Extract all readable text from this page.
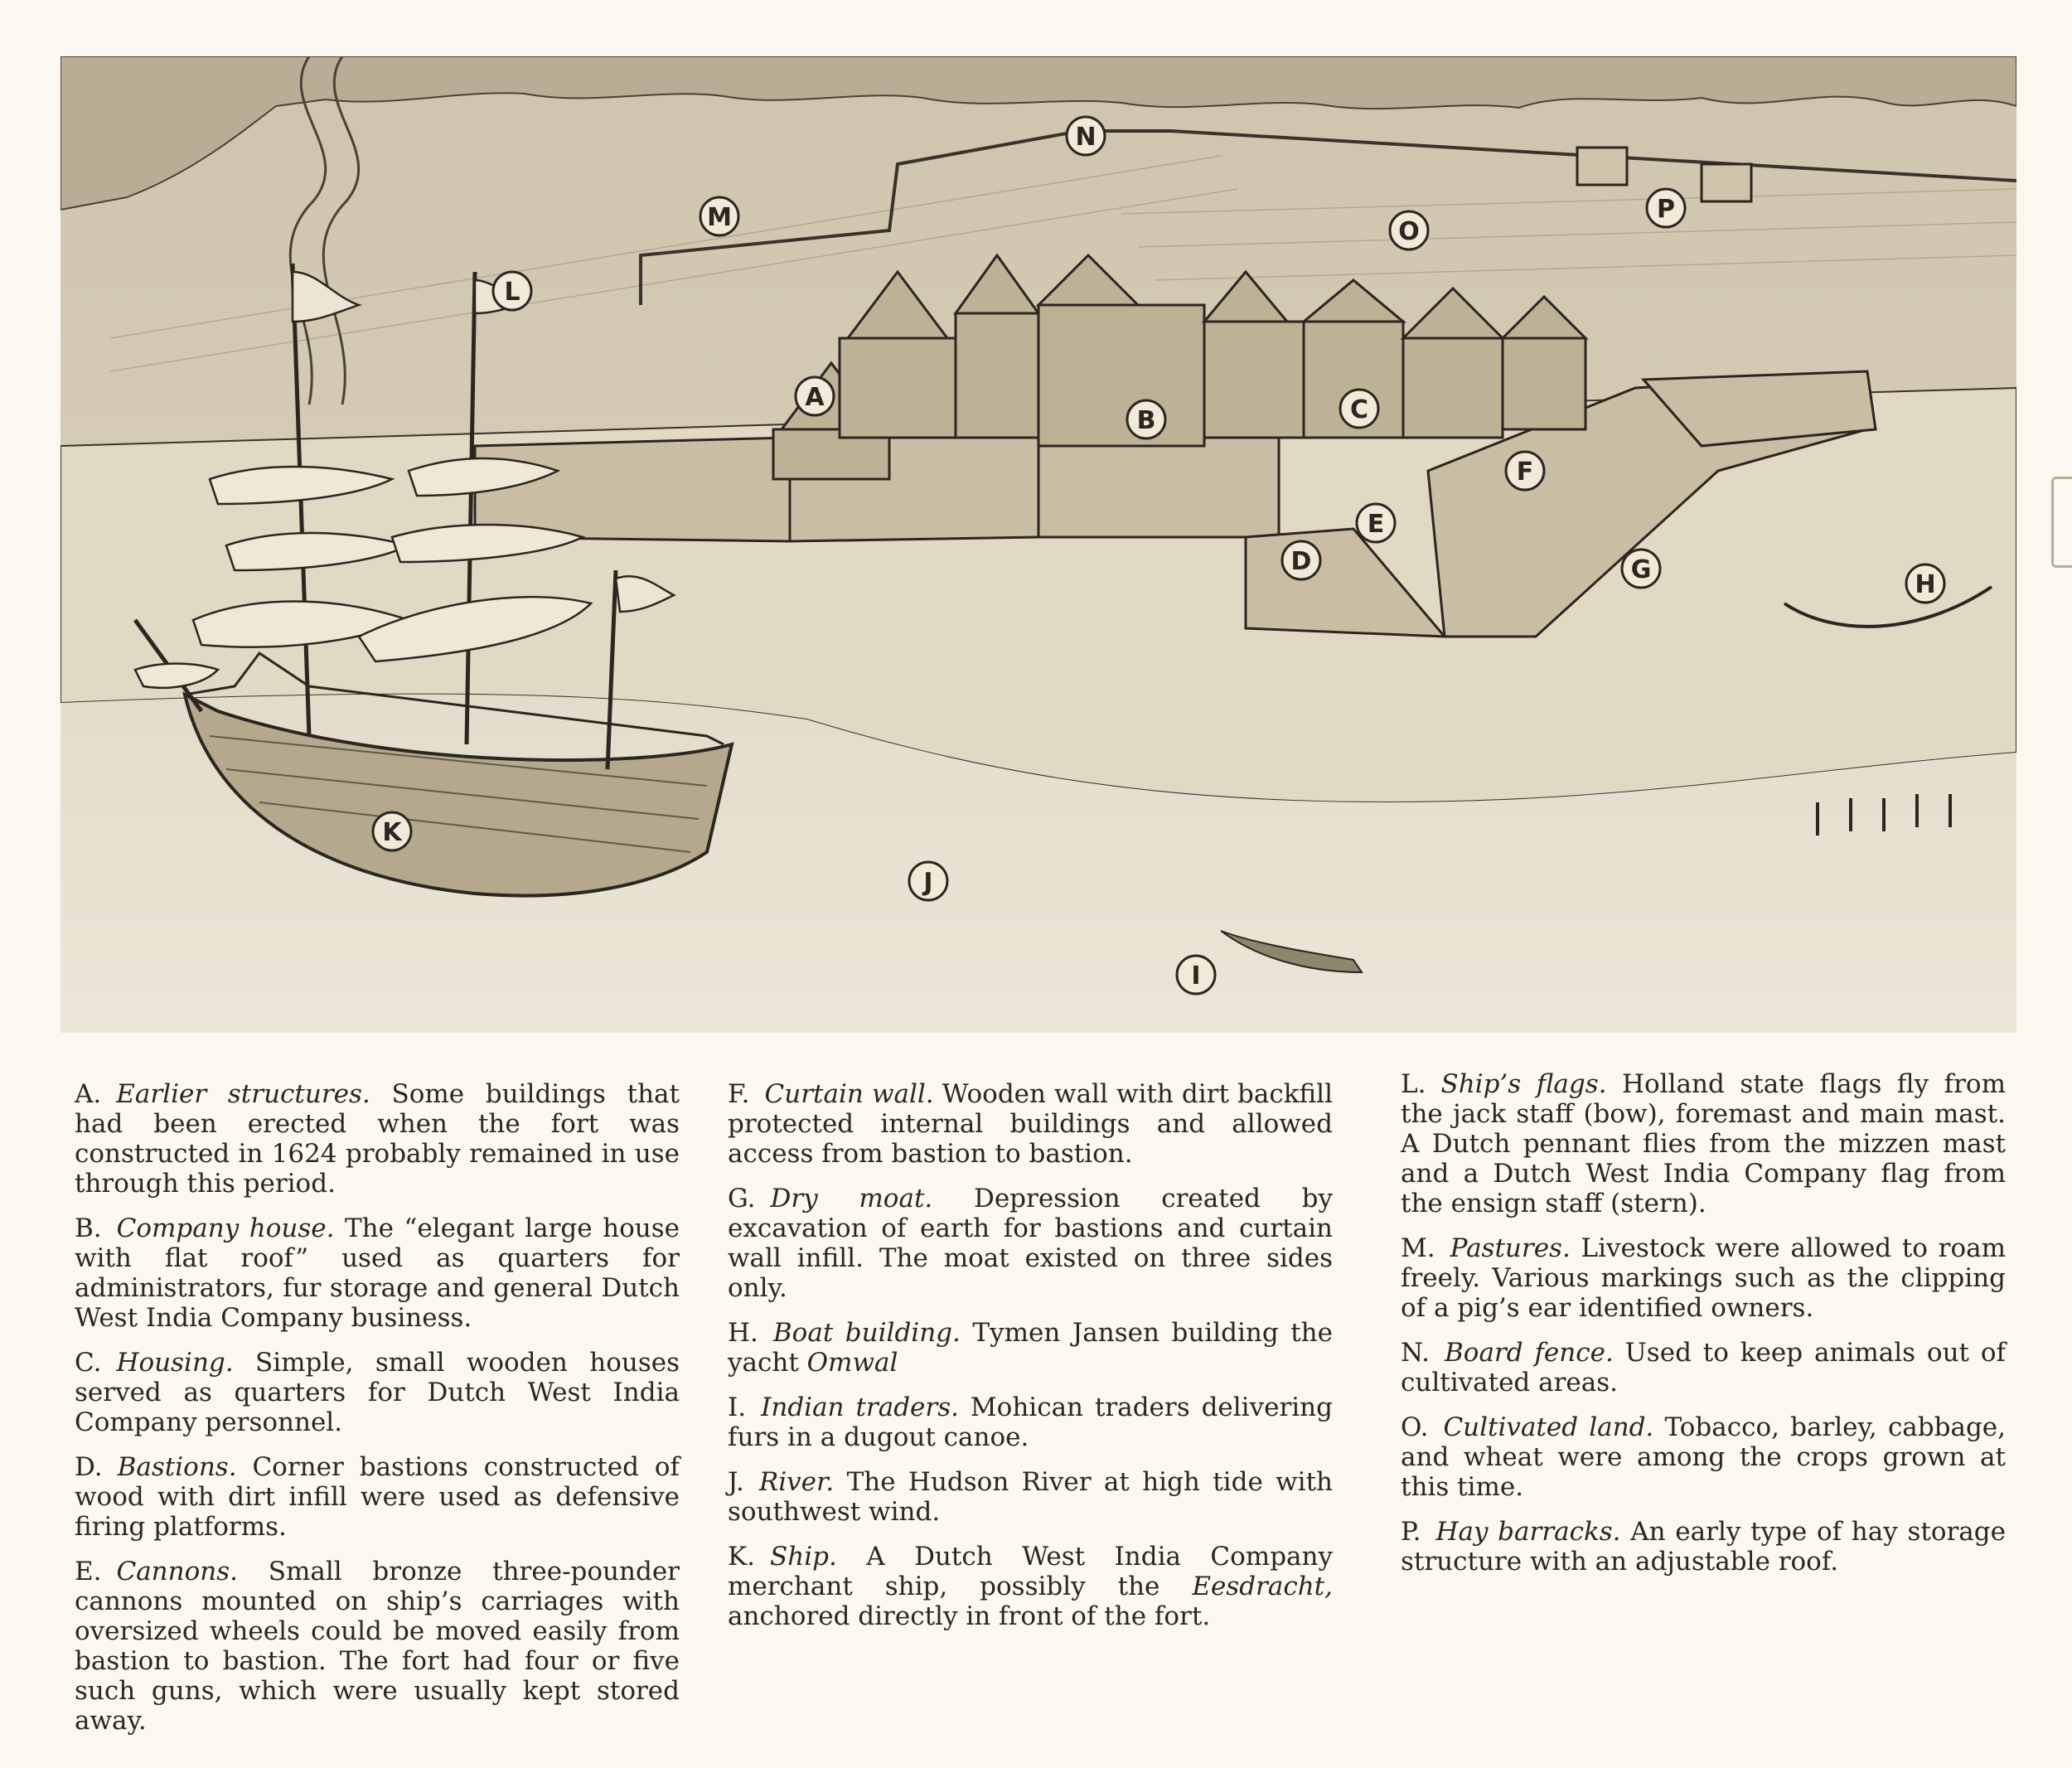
A
B	C
D
E
F
G
H
I
J
K
L
M
N
O
P

A. Earlier structures. Some buildings that had been erected when the fort was constructed in 1624 probably remained in use through this period.

B. Company house. The “elegant large house with flat roof” used as quarters for administrators, fur storage and general Dutch West India Company business.

C. Housing. Simple, small wooden houses served as quarters for Dutch West India Company personnel.

D. Bastions. Corner bastions constructed of wood with dirt infill were used as defensive firing platforms.

E. Cannons. Small bronze three-pounder cannons mounted on ship’s carriages with oversized wheels could be moved easily from bastion to bastion. The fort had four or five such guns, which were usually kept stored away.

F. Curtain wall. Wooden wall with dirt backfill protected internal buildings and allowed access from bastion to bastion.

G. Dry moat. Depression created by excavation of earth for bastions and curtain wall infill. The moat existed on three sides only.

H. Boat building. Tymen Jansen building the yacht Omwal

I. Indian traders. Mohican traders delivering furs in a dugout canoe.

J. River. The Hudson River at high tide with southwest wind.

K. Ship. A Dutch West India Company merchant ship, possibly the Eesdracht, anchored directly in front of the fort.

L. Ship’s flags. Holland state flags fly from the jack staff (bow), foremast and main mast. A Dutch pennant flies from the mizzen mast and a Dutch West India Company flag from the ensign staff (stern).

M. Pastures. Livestock were allowed to roam freely. Various markings such as the clipping of a pig’s ear identified owners.

N. Board fence. Used to keep animals out of cultivated areas.

O. Cultivated land. Tobacco, barley, cabbage, and wheat were among the crops grown at this time.

P. Hay barracks. An early type of hay storage structure with an adjustable roof.
